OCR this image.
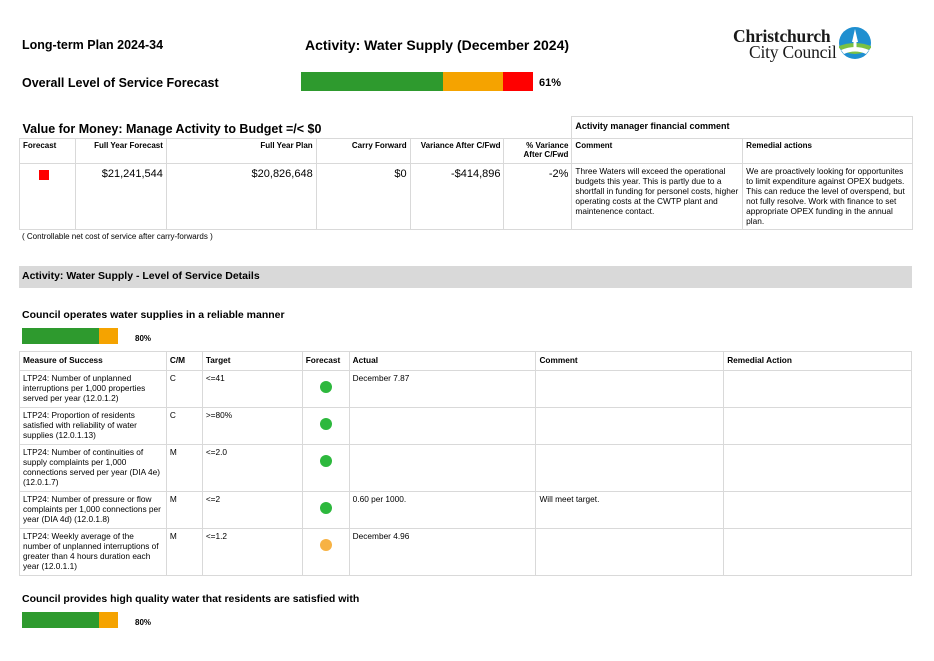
Long-term Plan 2024-34	Activity: Water Supply (December 2024)	Christchurch
City Council
Overall Level of Service Forecast	61%
Value for Money: Manage Activity to Budget =/< $0						Activity manager financial comment	
Forecast	Full Year Forecast	Full Year Plan	Carry Forward	Variance After C/Fwd	% Variance After C/Fwd	Comment	Remedial actions
	$21,241,544	$20,826,648	$0	-$414,896	-2%	Three Waters will exceed the operational budgets this year. This is partly due to a shortfall in funding for personel costs, higher operating costs at the CWTP plant and maintenence contact.	We are proactively looking for opportunites to limit expenditure against OPEX budgets. This can reduce the level of overspend, but not fully resolve. Work with finance to set appropriate OPEX funding in the annual plan.
( Controllable net cost of service after carry-forwards )
Activity: Water Supply - Level of Service Details
Council operates water supplies in a reliable manner
80%
Measure of Success	C/M	Target	Forecast	Actual	Comment	Remedial Action
LTP24: Number of unplanned interruptions per 1,000 properties served per year (12.0.1.2)	C	<=41		December 7.87		
LTP24: Proportion of residents satisfied with reliability of water supplies (12.0.1.13)	C	>=80%	

LTP24: Number of continuities of supply complaints per 1,000 connections served per year (DIA 4e) (12.0.1.7)	M	<=2.0	

LTP24: Number of pressure or flow complaints per 1,000 connections per year (DIA 4d) (12.0.1.8)	M	<=2		0.60 per 1000.	Will meet target.	
LTP24: Weekly average of the number of unplanned interruptions of greater than 4 hours duration each year (12.0.1.1)	M	<=1.2		December 4.96		
Council provides high quality water that residents are satisfied with
80%
